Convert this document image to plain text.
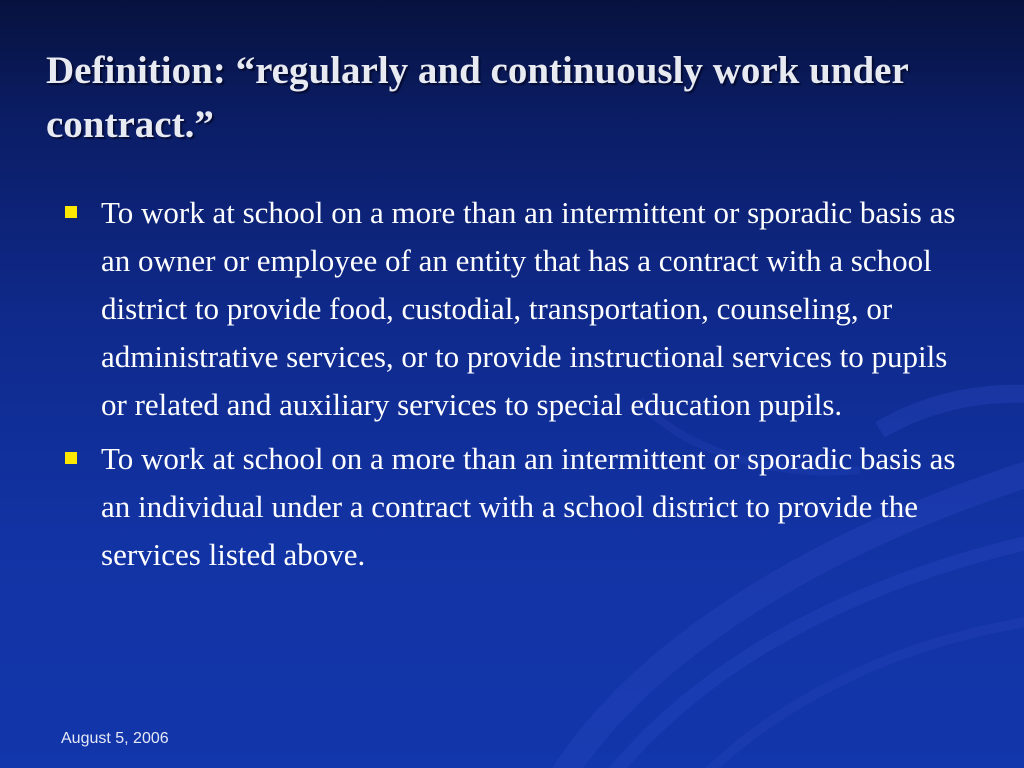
Definition: “regularly and continuously work under contract.”
To work at school on a more than an intermittent or sporadic basis as an owner or employee of an entity that has a contract with a school district to provide food, custodial, transportation, counseling, or administrative services, or to provide instructional services to pupils or related and auxiliary services to special education pupils.
To work at school on a more than an intermittent or sporadic basis as an individual under a contract with a school district to provide the services listed above.
August 5, 2006
